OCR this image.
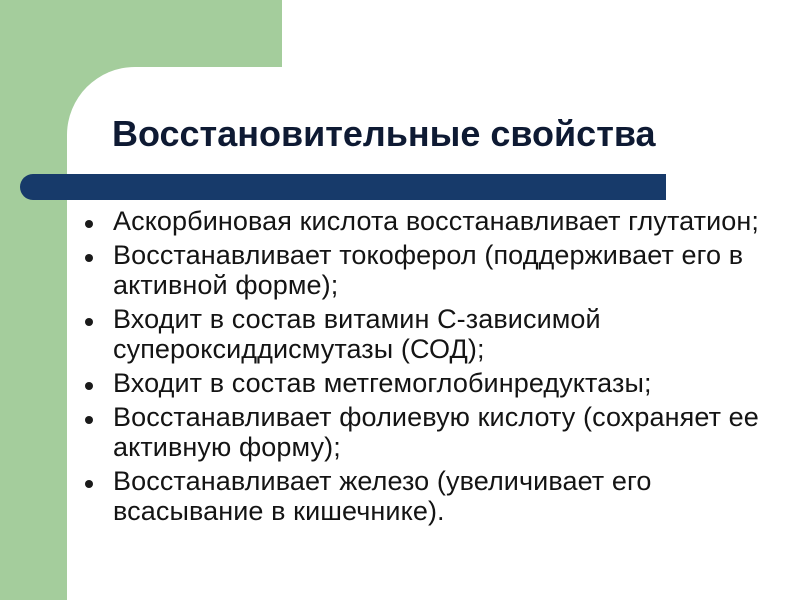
Восстановительные свойства
Аскорбиновая кислота восстанавливает глутатион;
Восстанавливает токоферол (поддерживает его в активной форме);
Входит в состав витамин С-зависимой супероксиддисмутазы (СОД);
Входит в состав метгемоглобинредуктазы;
Восстанавливает фолиевую кислоту (сохраняет ее активную форму);
Восстанавливает железо (увеличивает его всасывание в кишечнике).
